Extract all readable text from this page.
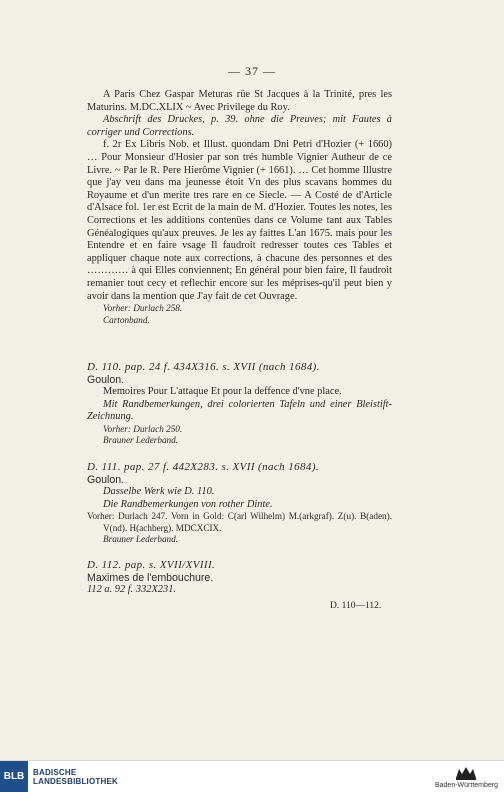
— 37 —

A Paris Chez Gaspar Meturas rüe St Jacques à la Trinité, pres les Maturins. M.DC.XLIX ~ Avec Privilege du Roy.

Abschrift des Druckes, p. 39. ohne die Preuves; mit Fautes à corriger und Corrections.

f. 2r Ex Libris Nob. et Illust. quondam Dni Petri d'Hozier (+ 1660) … Pour Monsieur d'Hosier par son trés humble Vignier Autheur de ce Livre. ~ Par le R. Pere Hierôme Vignier (+ 1661). … Cet homme Illustre que j'ay veu dans ma jeunesse étoit Vn des plus scavans hommes du Royaume et d'un merite tres rare en ce Siecle. — A Costé de d'Article d'Alsace fol. 1er est Ecrit de la main de M. d'Hozier. Toutes les notes, les Corrections et les additions contenües dans ce Volume tant aux Tables Généalogiques qu'aux preuves. Je les ay faittes L'an 1675. mais pour les Entendre et en faire vsage Il faudroit redresser toutes ces Tables et appliquer chaque note aux corrections, à chacune des personnes et des ………… à qui Elles conviennent; En général pour bien faire, Il faudroit remanier tout cecy et reflechir encore sur les méprises-qu'il peut bien y avoir dans la mention que J'ay fait de cet Ouvrage.

Vorher: Durlach 258.

Cartonband.

D. 110. pap. 24 f. 434X316. s. XVII (nach 1684).

Goulon.

Memoires Pour L'attaque Et pour la deffence d'vne place.

Mit Randbemerkungen, drei colorierten Tafeln und einer Bleistift-Zeichnung.

Vorher: Durlach 250.

Brauner Lederband.

D. 111. pap. 27 f. 442X283. s. XVII (nach 1684).

Goulon.

Dasselbe Werk wie D. 110.

Die Randbemerkungen von rother Dinte.

Vorher: Durlach 247. Vorn in Gold: C(arl Wilhelm) M.(arkgraf). Z(u). B(aden). V(nd). H(achberg). MDCXCIX.

Brauner Lederband.

D. 112. pap. s. XVII/XVIII.

Maximes de l'embouchure.

112 a. 92 f. 332X231.

D. 110—112.
BLB	BADISCHE
LANDESBIBLIOTHEK	Baden-Württemberg
